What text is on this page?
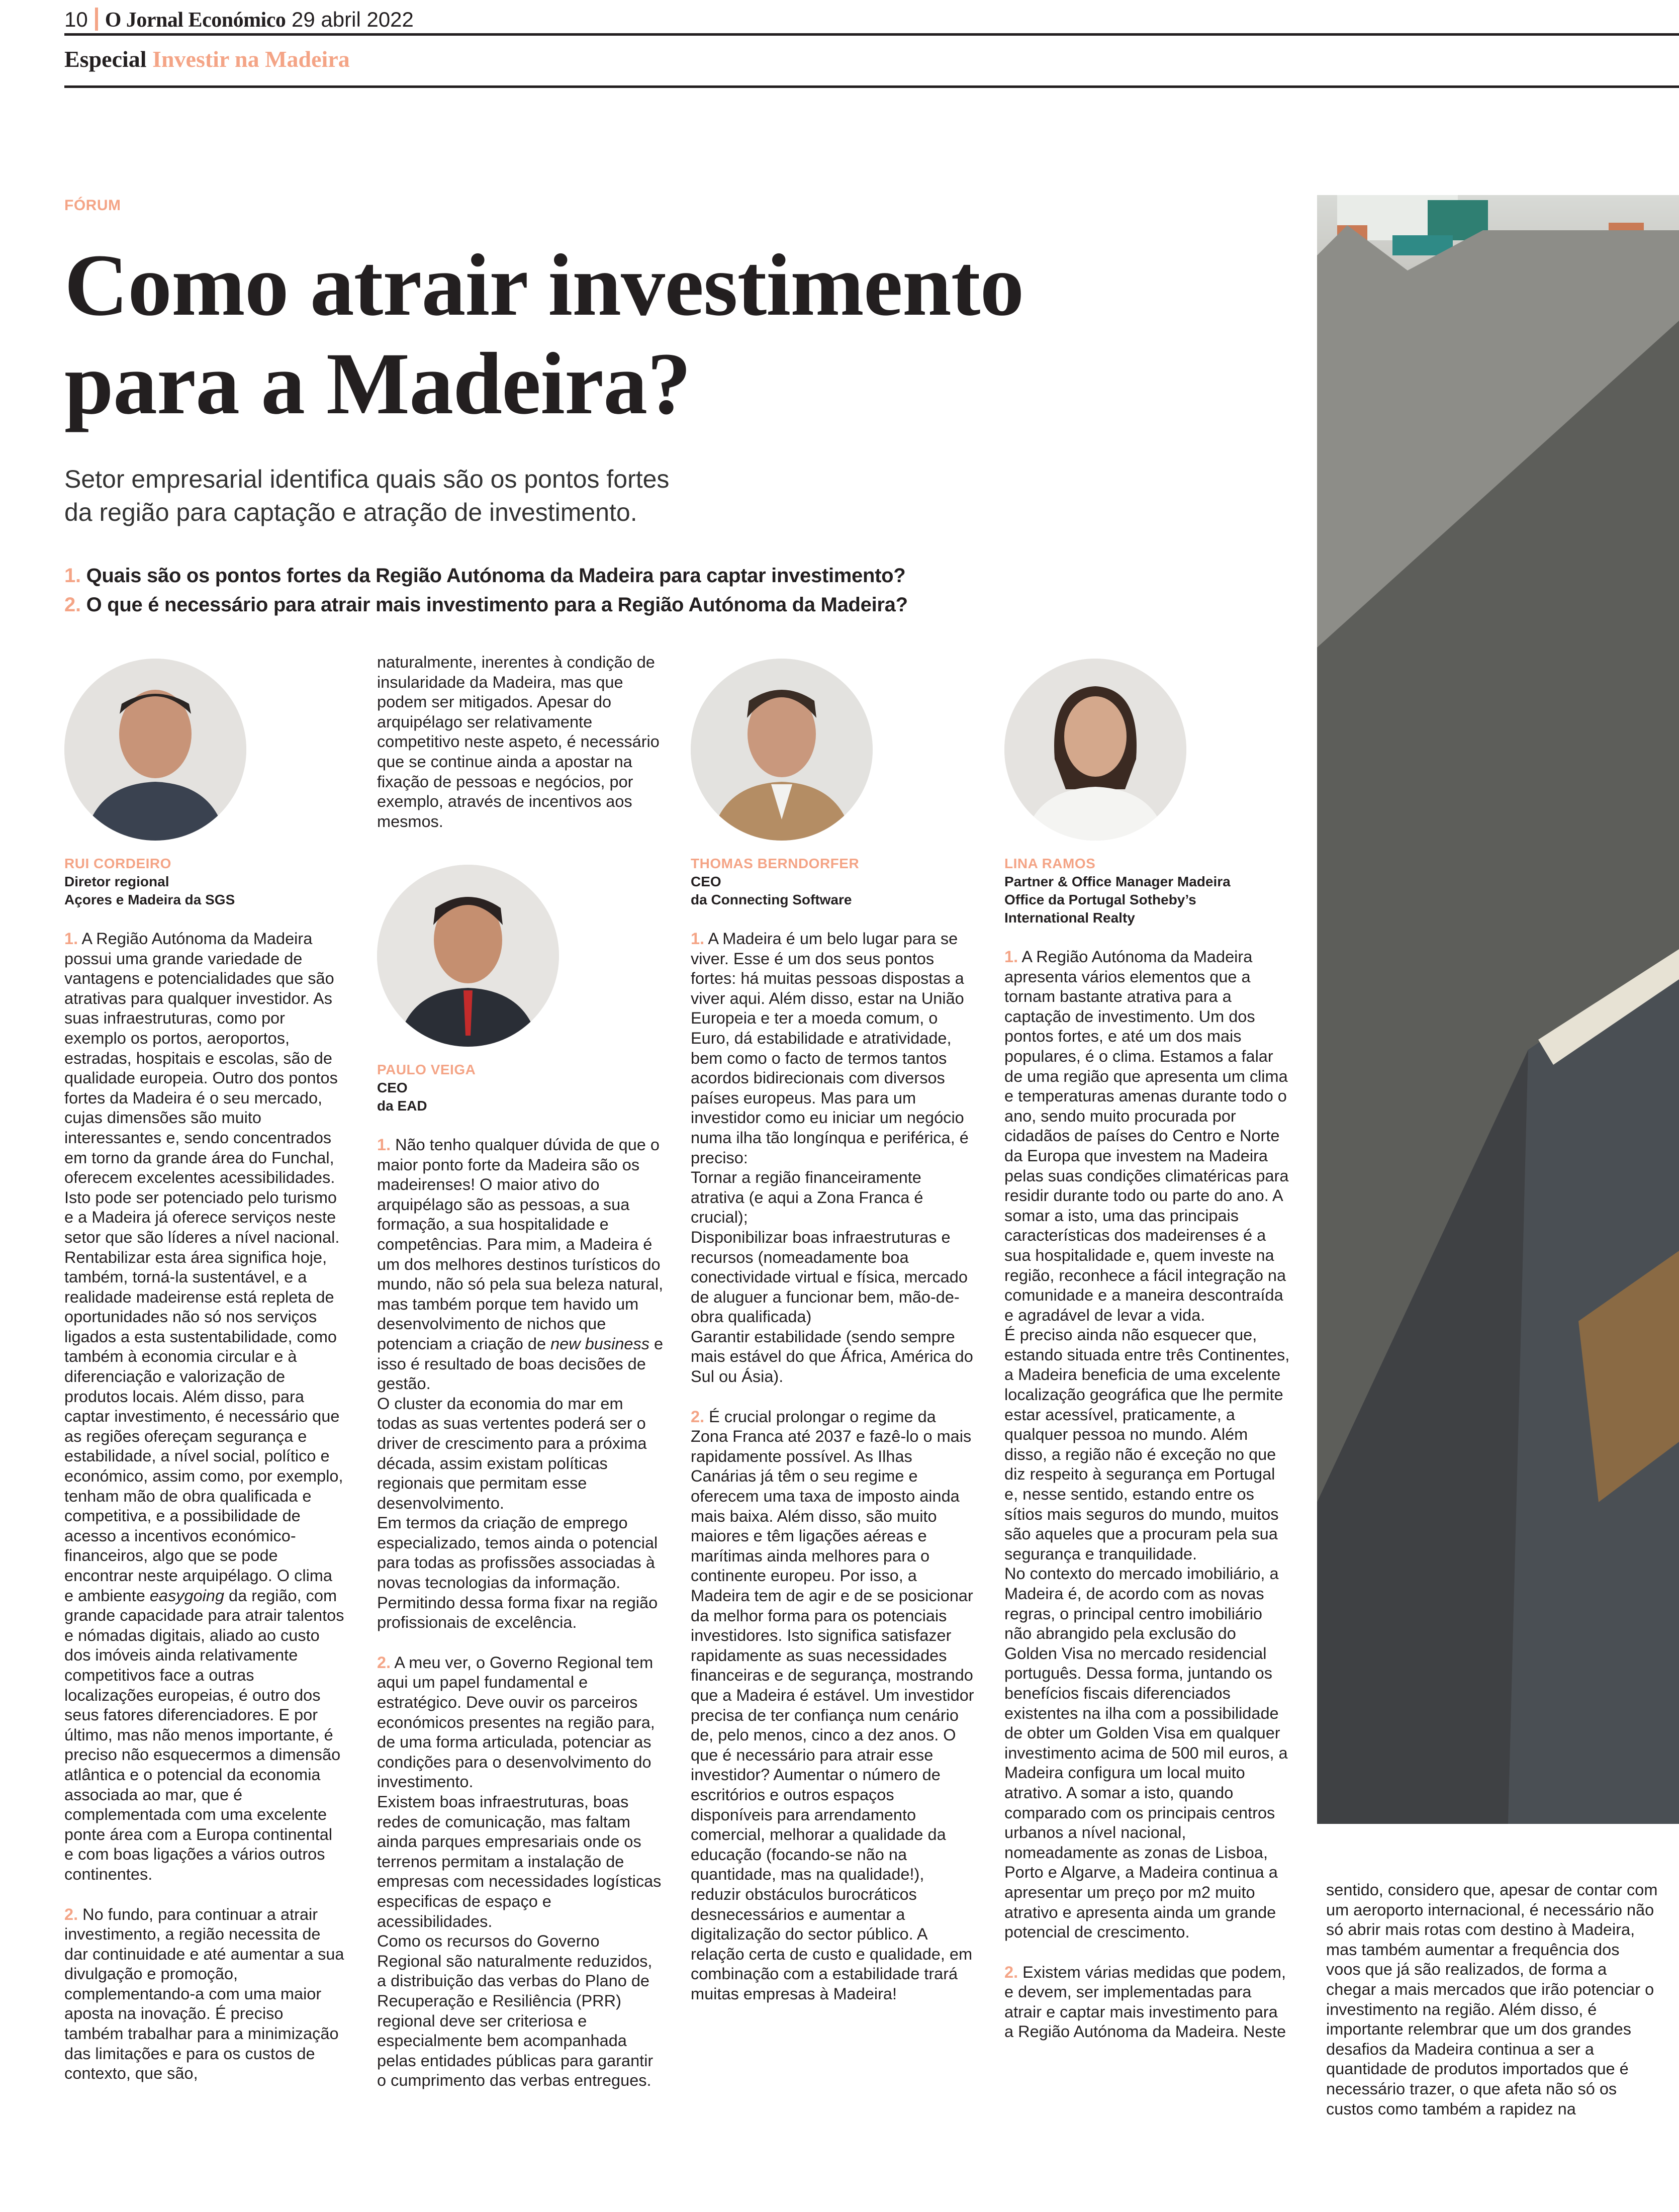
10 O Jornal Económico 29 abril 2022
Especial Investir na Madeira
FÓRUM
Como atrair investimento
para a Madeira?
Setor empresarial identifica quais são os pontos fortes
da região para captação e atração de investimento.
1. Quais são os pontos fortes da Região Autónoma da Madeira para captar investimento?
2. O que é necessário para atrair mais investimento para a Região Autónoma da Madeira?
RUI CORDEIRO
Diretor regional
Açores e Madeira da SGS

1. A Região Autónoma da Madeira possui uma grande variedade de vantagens e potencialidades que são atrativas para qualquer investidor. As suas infraestruturas, como por exemplo os portos, aeroportos, estradas, hospitais e escolas, são de qualidade europeia. Outro dos pontos fortes da Madeira é o seu mercado, cujas dimensões são muito interessantes e, sendo concentrados em torno da grande área do Funchal, oferecem excelentes acessibilidades. Isto pode ser potenciado pelo turismo e a Madeira já oferece serviços neste setor que são líderes a nível nacional. Rentabilizar esta área significa hoje, também, torná-la sustentável, e a realidade madeirense está repleta de oportunidades não só nos serviços ligados a esta sustentabilidade, como também à economia circular e à diferenciação e valorização de produtos locais. Além disso, para captar investimento, é necessário que as regiões ofereçam segurança e estabilidade, a nível social, político e económico, assim como, por exemplo, tenham mão de obra qualificada e competitiva, e a possibilidade de acesso a incentivos económico-financeiros, algo que se pode encontrar neste arquipélago. O clima e ambiente easygoing da região, com grande capacidade para atrair talentos e nómadas digitais, aliado ao custo dos imóveis ainda relativamente competitivos face a outras localizações europeias, é outro dos seus fatores diferenciadores. E por último, mas não menos importante, é preciso não esquecermos a dimensão atlântica e o potencial da economia associada ao mar, que é complementada com uma excelente ponte área com a Europa continental e com boas ligações a vários outros continentes.

2. No fundo, para continuar a atrair investimento, a região necessita de dar continuidade e até aumentar a sua divulgação e promoção, complementando-a com uma maior aposta na inovação. É preciso também trabalhar para a minimização das limitações e para os custos de contexto, que são,

naturalmente, inerentes à condição de insularidade da Madeira, mas que podem ser mitigados. Apesar do arquipélago ser relativamente competitivo neste aspeto, é necessário que se continue ainda a apostar na fixação de pessoas e negócios, por exemplo, através de incentivos aos mesmos.

PAULO VEIGA
CEO
da EAD

1. Não tenho qualquer dúvida de que o maior ponto forte da Madeira são os madeirenses! O maior ativo do arquipélago são as pessoas, a sua formação, a sua hospitalidade e competências. Para mim, a Madeira é um dos melhores destinos turísticos do mundo, não só pela sua beleza natural, mas também porque tem havido um desenvolvimento de nichos que potenciam a criação de new business e isso é resultado de boas decisões de gestão.

O cluster da economia do mar em todas as suas vertentes poderá ser o driver de crescimento para a próxima década, assim existam políticas regionais que permitam esse desenvolvimento.

Em termos da criação de emprego especializado, temos ainda o potencial para todas as profissões associadas à novas tecnologias da informação. Permitindo dessa forma fixar na região profissionais de excelência.

2. A meu ver, o Governo Regional tem aqui um papel fundamental e estratégico. Deve ouvir os parceiros económicos presentes na região para, de uma forma articulada, potenciar as condições para o desenvolvimento do investimento.

Existem boas infraestruturas, boas redes de comunicação, mas faltam ainda parques empresariais onde os terrenos permitam a instalação de empresas com necessidades logísticas especificas de espaço e acessibilidades.

Como os recursos do Governo Regional são naturalmente reduzidos, a distribuição das verbas do Plano de Recuperação e Resiliência (PRR) regional deve ser criteriosa e especialmente bem acompanhada pelas entidades públicas para garantir o cumprimento das verbas entregues.

THOMAS BERNDORFER
CEO
da Connecting Software

1. A Madeira é um belo lugar para se viver. Esse é um dos seus pontos fortes: há muitas pessoas dispostas a viver aqui. Além disso, estar na União Europeia e ter a moeda comum, o Euro, dá estabilidade e atratividade, bem como o facto de termos tantos acordos bidirecionais com diversos países europeus. Mas para um investidor como eu iniciar um negócio numa ilha tão longínqua e periférica, é preciso:

Tornar a região financeiramente atrativa (e aqui a Zona Franca é crucial);

Disponibilizar boas infraestruturas e recursos (nomeadamente boa conectividade virtual e física, mercado de aluguer a funcionar bem, mão-de-obra qualificada)

Garantir estabilidade (sendo sempre mais estável do que África, América do Sul ou Ásia).

2. É crucial prolongar o regime da Zona Franca até 2037 e fazê-lo o mais rapidamente possível. As Ilhas Canárias já têm o seu regime e oferecem uma taxa de imposto ainda mais baixa. Além disso, são muito maiores e têm ligações aéreas e marítimas ainda melhores para o continente europeu. Por isso, a Madeira tem de agir e de se posicionar da melhor forma para os potenciais investidores. Isto significa satisfazer rapidamente as suas necessidades financeiras e de segurança, mostrando que a Madeira é estável. Um investidor precisa de ter confiança num cenário de, pelo menos, cinco a dez anos. O que é necessário para atrair esse investidor? Aumentar o número de escritórios e outros espaços disponíveis para arrendamento comercial, melhorar a qualidade da educação (focando-se não na quantidade, mas na qualidade!), reduzir obstáculos burocráticos desnecessários e aumentar a digitalização do sector público. A relação certa de custo e qualidade, em combinação com a estabilidade trará muitas empresas à Madeira!

LINA RAMOS
Partner & Office Manager Madeira
Office da Portugal Sotheby’s
International Realty

1. A Região Autónoma da Madeira apresenta vários elementos que a tornam bastante atrativa para a captação de investimento. Um dos pontos fortes, e até um dos mais populares, é o clima. Estamos a falar de uma região que apresenta um clima e temperaturas amenas durante todo o ano, sendo muito procurada por cidadãos de países do Centro e Norte da Europa que investem na Madeira pelas suas condições climatéricas para residir durante todo ou parte do ano. A somar a isto, uma das principais características dos madeirenses é a sua hospitalidade e, quem investe na região, reconhece a fácil integração na comunidade e a maneira descontraída e agradável de levar a vida.

É preciso ainda não esquecer que, estando situada entre três Continentes, a Madeira beneficia de uma excelente localização geográfica que lhe permite estar acessível, praticamente, a qualquer pessoa no mundo. Além disso, a região não é exceção no que diz respeito à segurança em Portugal e, nesse sentido, estando entre os sítios mais seguros do mundo, muitos são aqueles que a procuram pela sua segurança e tranquilidade.

No contexto do mercado imobiliário, a Madeira é, de acordo com as novas regras, o principal centro imobiliário não abrangido pela exclusão do Golden Visa no mercado residencial português. Dessa forma, juntando os benefícios fiscais diferenciados existentes na ilha com a possibilidade de obter um Golden Visa em qualquer investimento acima de 500 mil euros, a Madeira configura um local muito atrativo. A somar a isto, quando comparado com os principais centros urbanos a nível nacional, nomeadamente as zonas de Lisboa, Porto e Algarve, a Madeira continua a apresentar um preço por m2 muito atrativo e apresenta ainda um grande potencial de crescimento.

2. Existem várias medidas que podem, e devem, ser implementadas para atrair e captar mais investimento para a Região Autónoma da Madeira. Neste

sentido, considero que, apesar de contar com um aeroporto internacional, é necessário não só abrir mais rotas com destino à Madeira, mas também aumentar a frequência dos voos que já são realizados, de forma a chegar a mais mercados que irão potenciar o investimento na região. Além disso, é importante relembrar que um dos grandes desafios da Madeira continua a ser a quantidade de produtos importados que é necessário trazer, o que afeta não só os custos como também a rapidez na
